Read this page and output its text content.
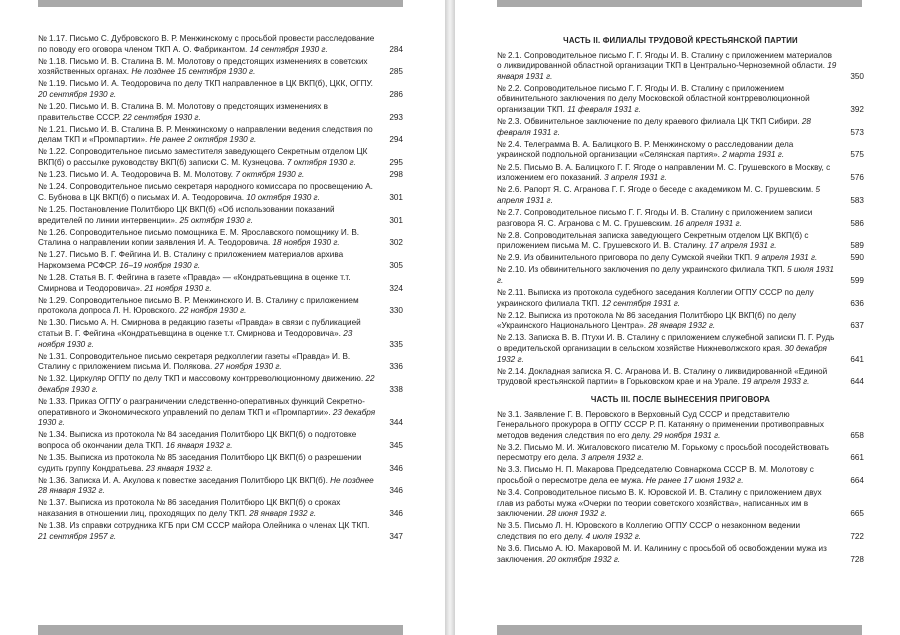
№ 1.17. Письмо С. Дубровского В. Р. Менжинскому с просьбой провести расследование по поводу его оговора членом ТКП А. О. Фабрикантом. 14 сентября 1930 г.	284
№ 1.18. Письмо И. В. Сталина В. М. Молотову о предстоящих изменениях в советских хозяйственных органах. Не позднее 15 сентября 1930 г.	285
№ 1.19. Письмо И. А. Теодоровича по делу ТКП направленное в ЦК ВКП(б), ЦКК, ОГПУ. 20 сентября 1930 г.	286
№ 1.20. Письмо И. В. Сталина В. М. Молотову о предстоящих изменениях в правительстве СССР. 22 сентября 1930 г.	293
№ 1.21. Письмо И. В. Сталина В. Р. Менжинскому о направлении ведения следствия по делам ТКП и «Промпартии». Не ранее 2 октября 1930 г.	294
№ 1.22. Сопроводительное письмо заместителя заведующего Секретным отделом ЦК ВКП(б) о рассылке руководству ВКП(б) записки С. М. Кузнецова. 7 октября 1930 г.	295
№ 1.23. Письмо И. А. Теодоровича В. М. Молотову. 7 октября 1930 г.	298
№ 1.24. Сопроводительное письмо секретаря народного комиссара по просвещению А. С. Бубнова в ЦК ВКП(б) о письмах И. А. Теодоровича. 10 октября 1930 г.	301
№ 1.25. Постановление Политбюро ЦК ВКП(б) «Об использовании показаний вредителей по линии интервенции». 25 октября 1930 г.	301
№ 1.26. Сопроводительное письмо помощника Е. М. Ярославского помощнику И. В. Сталина о направлении копии заявления И. А. Теодоровича. 18 ноября 1930 г.	302
№ 1.27. Письмо В. Г. Фейгина И. В. Сталину с приложением материалов архива Наркомзема РСФСР. 16–19 ноября 1930 г.	305
№ 1.28. Статья В. Г. Фейгина в газете «Правда» — «Кондратьевщина в оценке т.т. Смирнова и Теодоровича». 21 ноября 1930 г.	324
№ 1.29. Сопроводительное письмо В. Р. Менжинского И. В. Сталину с приложением протокола допроса Л. Н. Юровского. 22 ноября 1930 г.	330
№ 1.30. Письмо А. Н. Смирнова в редакцию газеты «Правда» в связи с публикацией статьи В. Г. Фейгина «Кондратьевщина в оценке т.т. Смирнова и Теодоровича». 23 ноября 1930 г.	335
№ 1.31. Сопроводительное письмо секретаря редколлегии газеты «Правда» И. В. Сталину с приложением письма И. Полякова. 27 ноября 1930 г.	336
№ 1.32. Циркуляр ОГПУ по делу ТКП и массовому контрреволюционному движению. 22 декабря 1930 г.	338
№ 1.33. Приказ ОГПУ о разграничении следственно-оперативных функций Секретно-оперативного и Экономического управлений по делам ТКП и «Промпартии». 23 декабря 1930 г.	344
№ 1.34. Выписка из протокола № 84 заседания Политбюро ЦК ВКП(б) о подготовке вопроса об окончании дела ТКП. 16 января 1932 г.	345
№ 1.35. Выписка из протокола № 85 заседания Политбюро ЦК ВКП(б) о разрешении судить группу Кондратьева. 23 января 1932 г.	346
№ 1.36. Записка И. А. Акулова к повестке заседания Политбюро ЦК ВКП(б). Не позднее 28 января 1932 г.	346
№ 1.37. Выписка из протокола № 86 заседания Политбюро ЦК ВКП(б) о сроках наказания в отношении лиц, проходящих по делу ТКП. 28 января 1932 г.	346
№ 1.38. Из справки сотрудника КГБ при СМ СССР майора Олейника о членах ЦК ТКП. 21 сентября 1957 г.	347
ЧАСТЬ II. ФИЛИАЛЫ ТРУДОВОЙ КРЕСТЬЯНСКОЙ ПАРТИИ
№ 2.1. Сопроводительное письмо Г. Г. Ягоды И. В. Сталину с приложением материалов о ликвидированной областной организации ТКП в Центрально-Черноземной области. 19 января 1931 г.	350
№ 2.2. Сопроводительное письмо Г. Г. Ягоды И. В. Сталину с приложением обвинительного заключения по делу Московской областной контрреволюционной организации ТКП. 11 февраля 1931 г.	392
№ 2.3. Обвинительное заключение по делу краевого филиала ЦК ТКП Сибири. 28 февраля 1931 г.	573
№ 2.4. Телеграмма В. А. Балицкого В. Р. Менжинскому о расследовании дела украинской подпольной организации «Селянская партия». 2 марта 1931 г.	575
№ 2.5. Письмо В. А. Балицкого Г. Г. Ягоде о направлении М. С. Грушевского в Москву, с изложением его показаний. 3 апреля 1931 г.	576
№ 2.6. Рапорт Я. С. Агранова Г. Г. Ягоде о беседе с академиком М. С. Грушевским. 5 апреля 1931 г.	583
№ 2.7. Сопроводительное письмо Г. Г. Ягоды И. В. Сталину с приложением записи разговора Я. С. Агранова с М. С. Грушевским. 16 апреля 1931 г.	586
№ 2.8. Сопроводительная записка заведующего Секретным отделом ЦК ВКП(б) с приложением письма М. С. Грушевского И. В. Сталину. 17 апреля 1931 г.	589
№ 2.9. Из обвинительного приговора по делу Сумской ячейки ТКП. 9 апреля 1931 г.	590
№ 2.10. Из обвинительного заключения по делу украинского филиала ТКП. 5 июля 1931 г.	599
№ 2.11. Выписка из протокола судебного заседания Коллегии ОГПУ СССР по делу украинского филиала ТКП. 12 сентября 1931 г.	636
№ 2.12. Выписка из протокола № 86 заседания Политбюро ЦК ВКП(б) по делу «Украинского Национального Центра». 28 января 1932 г.	637
№ 2.13. Записка В. В. Птухи И. В. Сталину с приложением служебной записки П. Г. Рудь о вредительской организации в сельском хозяйстве Нижневолжского края. 30 декабря 1932 г.	641
№ 2.14. Докладная записка Я. С. Агранова И. В. Сталину о ликвидированной «Единой трудовой крестьянской партии» в Горьковском крае и на Урале. 19 апреля 1933 г.	644
ЧАСТЬ III. ПОСЛЕ ВЫНЕСЕНИЯ ПРИГОВОРА
№ 3.1. Заявление Г. В. Перовского в Верховный Суд СССР и представителю Генерального прокурора в ОГПУ СССР Р. П. Катаняну о применении противоправных методов ведения следствия по его делу. 29 ноября 1931 г.	658
№ 3.2. Письмо М. И. Жигаловского писателю М. Горькому с просьбой посодействовать пересмотру его дела. 3 апреля 1932 г.	661
№ 3.3. Письмо Н. П. Макарова Председателю Совнаркома СССР В. М. Молотову с просьбой о пересмотре дела ее мужа. Не ранее 17 июня 1932 г.	664
№ 3.4. Сопроводительное письмо В. К. Юровской И. В. Сталину с приложением двух глав из работы мужа «Очерки по теории советского хозяйства», написанных им в заключении. 28 июня 1932 г.	665
№ 3.5. Письмо Л. Н. Юровского в Коллегию ОГПУ СССР о незаконном ведении следствия по его делу. 4 июля 1932 г.	722
№ 3.6. Письмо А. Ю. Макаровой М. И. Калинину с просьбой об освобождении мужа из заключения. 20 октября 1932 г.	728
